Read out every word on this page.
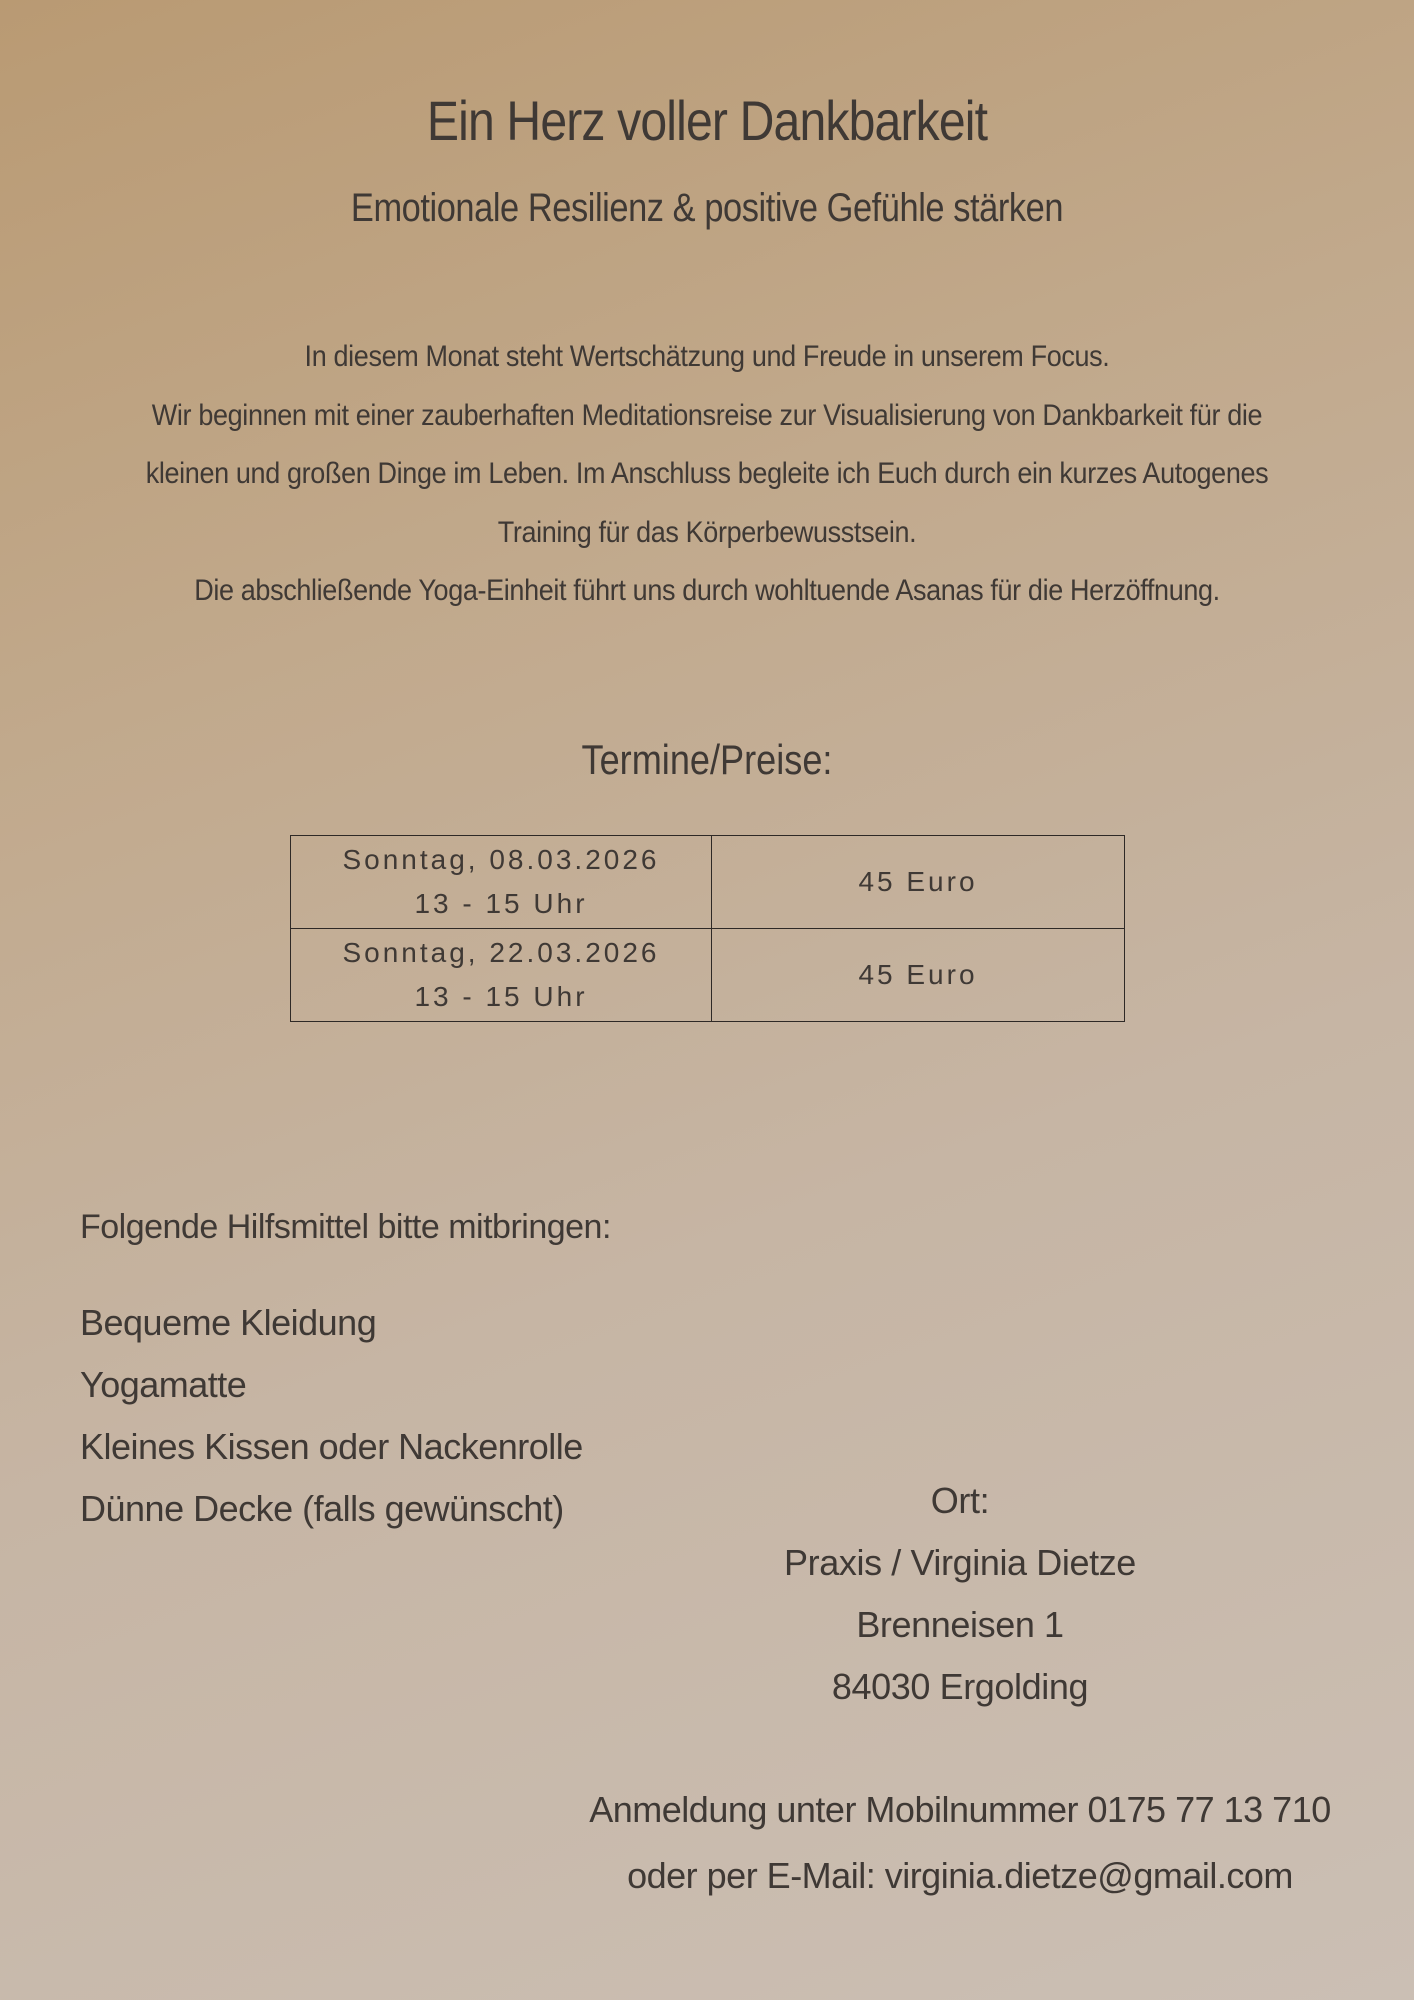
Ein Herz voller Dankbarkeit
Emotionale Resilienz & positive Gefühle stärken

In diesem Monat steht Wertschätzung und Freude in unserem Focus.

Wir beginnen mit einer zauberhaften Meditationsreise zur Visualisierung von Dankbarkeit für die

kleinen und großen Dinge im Leben. Im Anschluss begleite ich Euch durch ein kurzes Autogenes

Training für das Körperbewusstsein.

Die abschließende Yoga-Einheit führt uns durch wohltuende Asanas für die Herzöffnung.

Termine/Preise:
Sonntag, 08.03.2026
13 - 15 Uhr	45 Euro

Sonntag, 22.03.2026
13 - 15 Uhr	45 Euro
Folgende Hilfsmittel bitte mitbringen:
Bequeme Kleidung
Yogamatte
Kleines Kissen oder Nackenrolle
Dünne Decke (falls gewünscht)	Ort:
Praxis / Virginia Dietze
Brenneisen 1
84030 Ergolding
Anmeldung unter Mobilnummer 0175 77 13 710
oder per E-Mail: virginia.dietze@gmail.com
